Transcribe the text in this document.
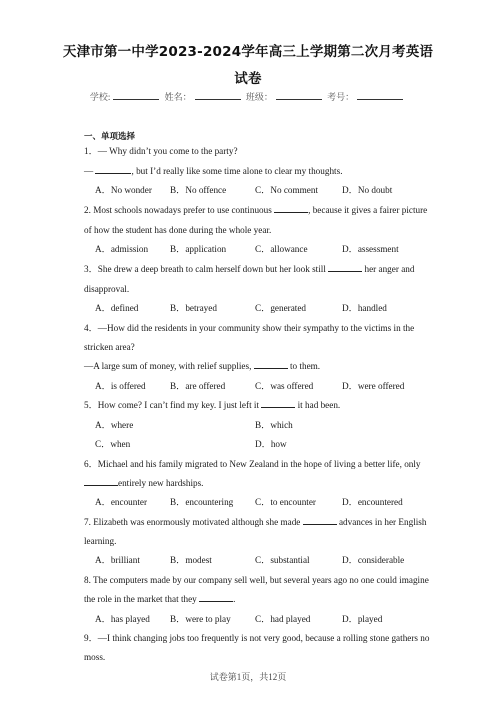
天津市第一中学2023-2024学年高三上学期第二次月考英语
试卷
学校:	姓名：	班级：	考号：
一、单项选择
1．— Why didn’t you come to the party?
—	, but I’d really like some time alone to clear my thoughts.
A．No wonder B．No offence	C．No comment	D．No doubt
2. Most schools nowadays prefer to use continuous	, because it gives a fairer picture
of how the student has done during the whole year.
A．admission B．application	C．allowance	D．assessment
3．She drew a deep breath to calm herself down but her look still	her anger and
disapproval.
A．defined	B．betrayed	C．generated	D．handled
4．—How did the residents in your community show their sympathy to the victims in the
stricken area?
—A large sum of money, with relief supplies,	to them.
A．is offered	B．are offered	C．was offered	D．were offered
5．How come? I can’t find my key. I just left it	it had been.
A．where	B．which
C．when	D．how
6．Michael and his family migrated to New Zealand in the hope of living a better life, only
entirely new hardships.
A．encounter B．encountering C．to encounter	D．encountered
7. Elizabeth was enormously motivated although she made	advances in her English
learning.
A．brilliant	B．modest	C．substantial	D．considerable
8. The computers made by our company sell well, but several years ago no one could imagine
the role in the market that they	.
A．has played B．were to play	C．had played	D．played
9．—I think changing jobs too frequently is not very good, because a rolling stone gathers no
moss.
试卷第1页，共12页
